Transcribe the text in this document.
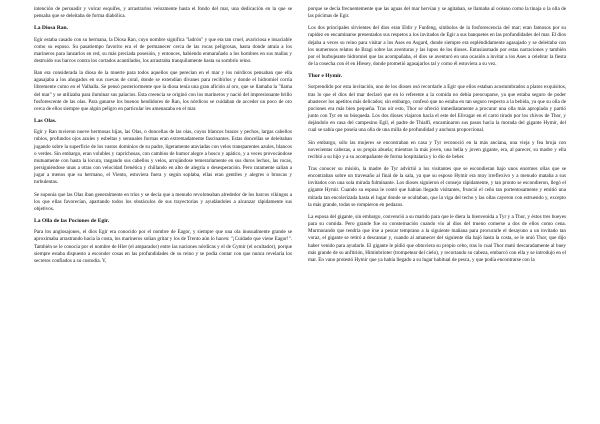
intención de persuadir y volcar esquifes, y arrastrarlos velozmente hasta el fondo del mar, una dedicación en la que se pensaba que se deleitaba de forma diabólica.

La Diosa Ran.

Egir estaba casado con su hermana, la Diosa Ran, cuyo nombre significa "ladrón" y que era tan cruel, avariciosa e insaciable como su esposo. Su pasatiempo favorito era el de permanecer cerca de las rocas peligrosas, hasta donde atraía a los marineros para lanzarlos en red, su más preciada posesión, y entonces, habiendo enmarañado a los hombres en sus mallas y destruido sus barcos contra los cortados acantilados, los arrastraba tranquilamente hasta su sombrío reino.

Ran era considerada la diosa de la muerte para todos aquellos que perecían en el mar y los nórdicos pensaban que ella agasajaba a los ahogados en sus cuevas de coral, donde se extendían divanes para recibirlos y donde el hidromiel corría libremente como en el Valhalla. Se pensó posteriormente que la diosa tenía una gran afición al oro, que se llamaba la "llama del mar" y se utilizaba para iluminar sus palacios. Esta creencia se originó con los marineros y nació del impresionante brillo fosforescente de las olas. Para ganarse los buenos hendidores de Ran, los nórdicos se cuidaban de acceder un poco de oro cerca de ellos siempre que algún peligro en particular les amenazaba en el mar.

Las Olas.

Egir y Ran tuvieron nueve hermosas hijas, las Olas, o doncellas de las olas, cuyos blancos brazos y pechos, largas cabellos rubios, profundos ojos azules y esbeltas y sensuales formas eran extremadamente fascinantes. Estas doncellas se deleitaban jugando sobre la superficie de los vastos dominios de su padre, ligeramente ataviadas con velos transparentes azules, blancos o verdes. Sin embargo, eran volubles y caprichosas, con cambios de humor alegre a hosco y apático, y a veces provocándose mutuamente con hasta la locura, rasgando sus cabellos y velos, arrojándose temerariamente en sus duros lechos, las rocas, persiguiéndose unas a otras con velocidad frenética y chillando en alto de alegría o desesperación. Pero raramente salían a jugar a menos que su hermano, el Viento, estuviera fuera y según soplaba, ellas eran gentiles y alegres o bruscas y turbulentas.

Se suponía que las Olas iban generalmente en tríos y se decía que a menudo revoloteaban alrededor de los barcos vikingos a los que ellas favorecían, apartando todos los obstáculos de sus trayectorias y ayudándoles a alcanzar rápidamente sus objetivos.

La Olla de las Pociones de Egir.

Para los anglosajones, el dios Egir era conocido por el nombre de Eagor, y siempre que una ola inusualmente grande se aproximaba arrastrando hacia la costa, los marineros solían gritar y los de Trento aún lo hacen: "¡Cuidado que viene Eagor!". También se le conocía por el nombre de Hler (el amparador) entre las naciones nórdicas y el de Gymir (el ocultador), porque siempre estaba dispuesto a esconder cosas en las profundidades de su reino y se podía contar con que nunca revelaría los secretos confiados a su custodia. Y,

porque se decía frecuentemente que las aguas del mar hervían y se agitaban, se llamaba al océano como la tinaja o la olla de las pócimas de Egir.

Los dos principales sirvientes del dios eran Eldir y Funfeng, símbolos de la fosforescencia del mar; eran famosos por su rapidez en encaminarse presentados sus respetos a los invitados de Egir a sus banquetes en las profundidades del mar. El dios dejaba a veces su reino para visitar a los Ases en Asgard, donde siempre era espléndidamente agasajado y se deleitaba con los numerosos relatos de Bragi sobre las aventuras y las lupos de los dioses. Entusiasmado por estas narraciones y también por el burbujeante hidromiel que las acompañaba, el dios se aventuró en una ocasión a invitar a los Ases a celebrar la fiesta de la cosecha con él en Hlesey, donde prometió agasajarlos tal y como él estuviera a su vez.

Thor e Hymir.

Sorprendido por esta invitación, uno de los dioses osó recordarle a Egir que ellos estaban acostumbrados a platos exquisitos, tras lo que el dios del mar declaró que en lo referente a la comida no debía preocuparse, ya que estaba seguro de poder abastecer los apetitos más delicados; sin embargo, confesó que no estaba en tan seguro respecto a la bebida, ya que su olla de pociones era más bien pequeña. Tras oír esto, Thor se ofreció inmediatamente a procurar una olla más apropiada y partió junto con Tyr en su búsqueda. Los dos dioses viajaron hacia el este del Elivagar en el carro tirado por los chivos de Thor, y dejándolo en casa del campesino Egil, el padre de Thialfi, encaminaron sus pasos hacia la morada del gigante Hymir, del cual se sabía que poseía una olla de una milla de profundidad y anchura proporcional.

Sin embargo, sólo las mujeres se encontraban en casa y Tyr reconoció en la más anciana, una vieja y fea bruja con novecientas cabezas, a su propia abuela; mientras la más joven, una bella y joven gigante, era, al parecer, su madre y ella recibió a su hijo y a su acompañante de forma hospitalaria y lo dio de beber.

Tras conocer su misión, la madre de Tyr advirtió a los visitantes que se escondieran bajo unos enormes ollas que se encontraban sobre un travesaño al final de la sala, ya que su esposo Hymir era muy irreflexivo y a menudo mataba a sus invitados con una sola mirada fulminante. Los dioses siguieron el consejo rápidamente, y tan pronto se escondieron, llegó el gigante Hymir. Cuando su esposa le contó que habían llegado visitantes, frunció el ceño tan portentosamente y emitió una mirada tan encolerizada hasta el lugar donde se ocultaban, que la viga del techo y las ollas cayeron con estruendo y, excepto la más grande, todas se rompieron en pedazos.

La esposa del gigante, sin embargo, convenció a su marido para que le diera la bienvenida a Tyr y a Thor, y éstos tres bueyes para su comida. Pero grande fue su consternación cuando vio al dios del trueno comerse a dos de ellos como cena. Murmurando que tendría que irse a pescar temprano a la siguiente mañana para procurarle el desayuno a un invitado tan voraz, el gigante se retiró a descansar y, cuando al amanecer del siguiente día bajó hasta la costa, se le unió Thor, que dijo haber venido para ayudarle. El gigante le pidió que obtuviera su propio cebo, tras lo cual Thor mató descaradamente al buey más grande de su anfitrión, Himinbrioter (trompetear del cielo), y recortando su cabeza, embarcó con ella y se introdujo en el mar. En vano protestó Hymir que ya había llegado a su lugar habitual de pesca, y que podía encontrarse con la
